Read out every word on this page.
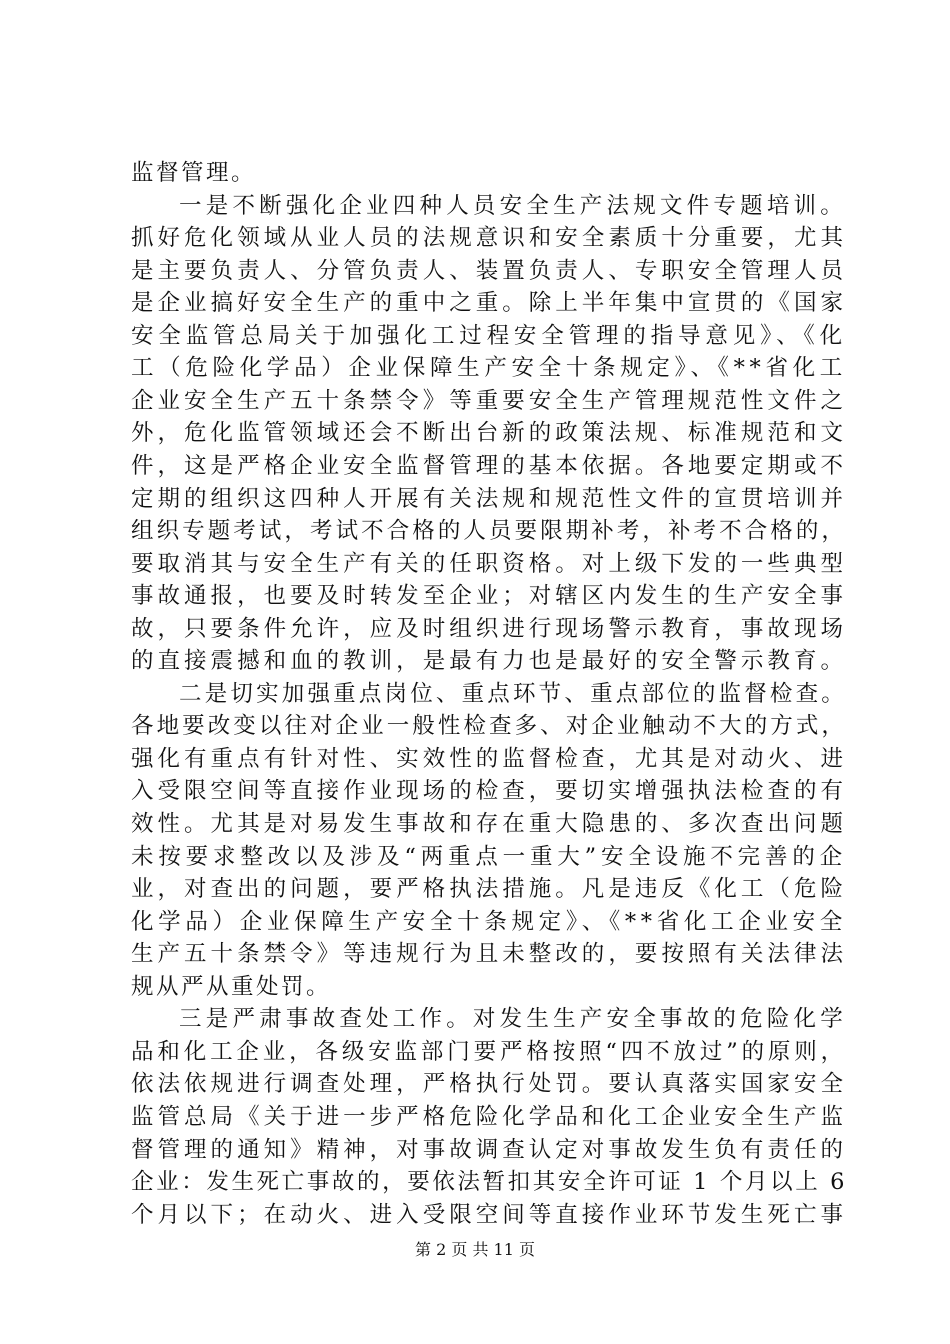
监督管理。
一是不断强化企业四种人员安全生产法规文件专题培训。
抓好危化领域从业人员的法规意识和安全素质十分重要，尤其
是主要负责人、分管负责人、装置负责人、专职安全管理人员
是企业搞好安全生产的重中之重。除上半年集中宣贯的《国家
安全监管总局关于加强化工过程安全管理的指导意见》、《化
工（危险化学品）企业保障生产安全十条规定》、《**省化工
企业安全生产五十条禁令》等重要安全生产管理规范性文件之
外，危化监管领域还会不断出台新的政策法规、标准规范和文
件，这是严格企业安全监督管理的基本依据。各地要定期或不
定期的组织这四种人开展有关法规和规范性文件的宣贯培训并
组织专题考试，考试不合格的人员要限期补考，补考不合格的，
要取消其与安全生产有关的任职资格。对上级下发的一些典型
事故通报，也要及时转发至企业；对辖区内发生的生产安全事
故，只要条件允许，应及时组织进行现场警示教育，事故现场
的直接震撼和血的教训，是最有力也是最好的安全警示教育。
二是切实加强重点岗位、重点环节、重点部位的监督检查。
各地要改变以往对企业一般性检查多、对企业触动不大的方式，
强化有重点有针对性、实效性的监督检查，尤其是对动火、进
入受限空间等直接作业现场的检查，要切实增强执法检查的有
效性。尤其是对易发生事故和存在重大隐患的、多次查出问题
未按要求整改以及涉及“两重点一重大”安全设施不完善的企
业，对查出的问题，要严格执法措施。凡是违反《化工（危险
化学品）企业保障生产安全十条规定》、《**省化工企业安全
生产五十条禁令》等违规行为且未整改的，要按照有关法律法
规从严从重处罚。
三是严肃事故查处工作。对发生生产安全事故的危险化学
品和化工企业，各级安监部门要严格按照“四不放过”的原则，
依法依规进行调查处理，严格执行处罚。要认真落实国家安全
监管总局《关于进一步严格危险化学品和化工企业安全生产监
督管理的通知》精神，对事故调查认定对事故发生负有责任的
企业：发生死亡事故的，要依法暂扣其安全许可证 1 个月以上 6
个月以下；在动火、进入受限空间等直接作业环节发生死亡事
第 2 页 共 11 页
